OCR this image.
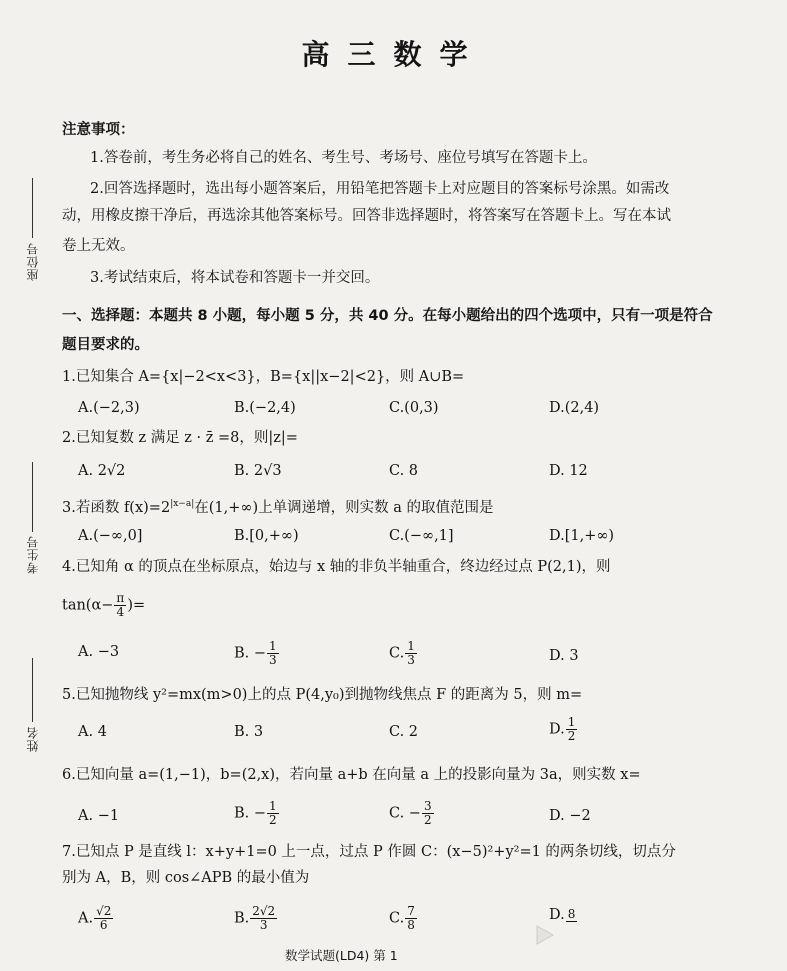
座位号
考生号
姓名
高三数学
注意事项：
1.答卷前，考生务必将自己的姓名、考生号、考场号、座位号填写在答题卡上。
2.回答选择题时，选出每小题答案后，用铅笔把答题卡上对应题目的答案标号涂黑。如需改
动，用橡皮擦干净后，再选涂其他答案标号。回答非选择题时，将答案写在答题卡上。写在本试
卷上无效。
3.考试结束后，将本试卷和答题卡一并交回。
一、选择题：本题共 8 小题，每小题 5 分，共 40 分。在每小题给出的四个选项中，只有一项是符合
题目要求的。
1.已知集合 A={x|−2<x<3}，B={x||x−2|<2}，则 A∪B=
A.(−2,3)	B.(−2,4)	C.(0,3)	D.(2,4)
2.已知复数 z 满足 z · z̄ =8，则|z|=
A. 2√2	B. 2√3	C. 8	D. 12
3.若函数 $f(x)=2^{|x-a|}$在(1,+∞)上单调递增，则实数 a 的取值范围是
A.(−∞,0]	B.[0,+∞)	C.(−∞,1]	D.[1,+∞)
4.已知角 α 的顶点在坐标原点，始边与 x 轴的非负半轴重合，终边经过点 P(2,1)，则
$\tan(\alpha- \frac{\pi}{4}$ )=
A. −3	B. − $\frac{1}{3}$	C. $\frac{1}{3}$	D. 3
5.已知抛物线 y²=mx(m>0)上的点 P(4,y₀)到抛物线焦点 F 的距离为 5，则 m=
A. 4	B. 3	C. 2	D. $\frac{1}{2}$
6.已知向量 a=(1,−1)，b=(2,x)，若向量 a+b 在向量 a 上的投影向量为 3a，则实数 x=
A. −1	B. − $\frac{1}{2}$	C. − $\frac{3}{2}$	D. −2
7.已知点 P 是直线 l：x+y+1=0 上一点，过点 P 作圆 C：(x−5)²+y²=1 的两条切线，切点分
别为 A，B，则 cos∠APB 的最小值为
A. $\frac{√2}{6}$	B. $\frac{2√2}{3}$	C. $\frac{7}{8}$	D. 8
数学试题(LD4) 第 1
